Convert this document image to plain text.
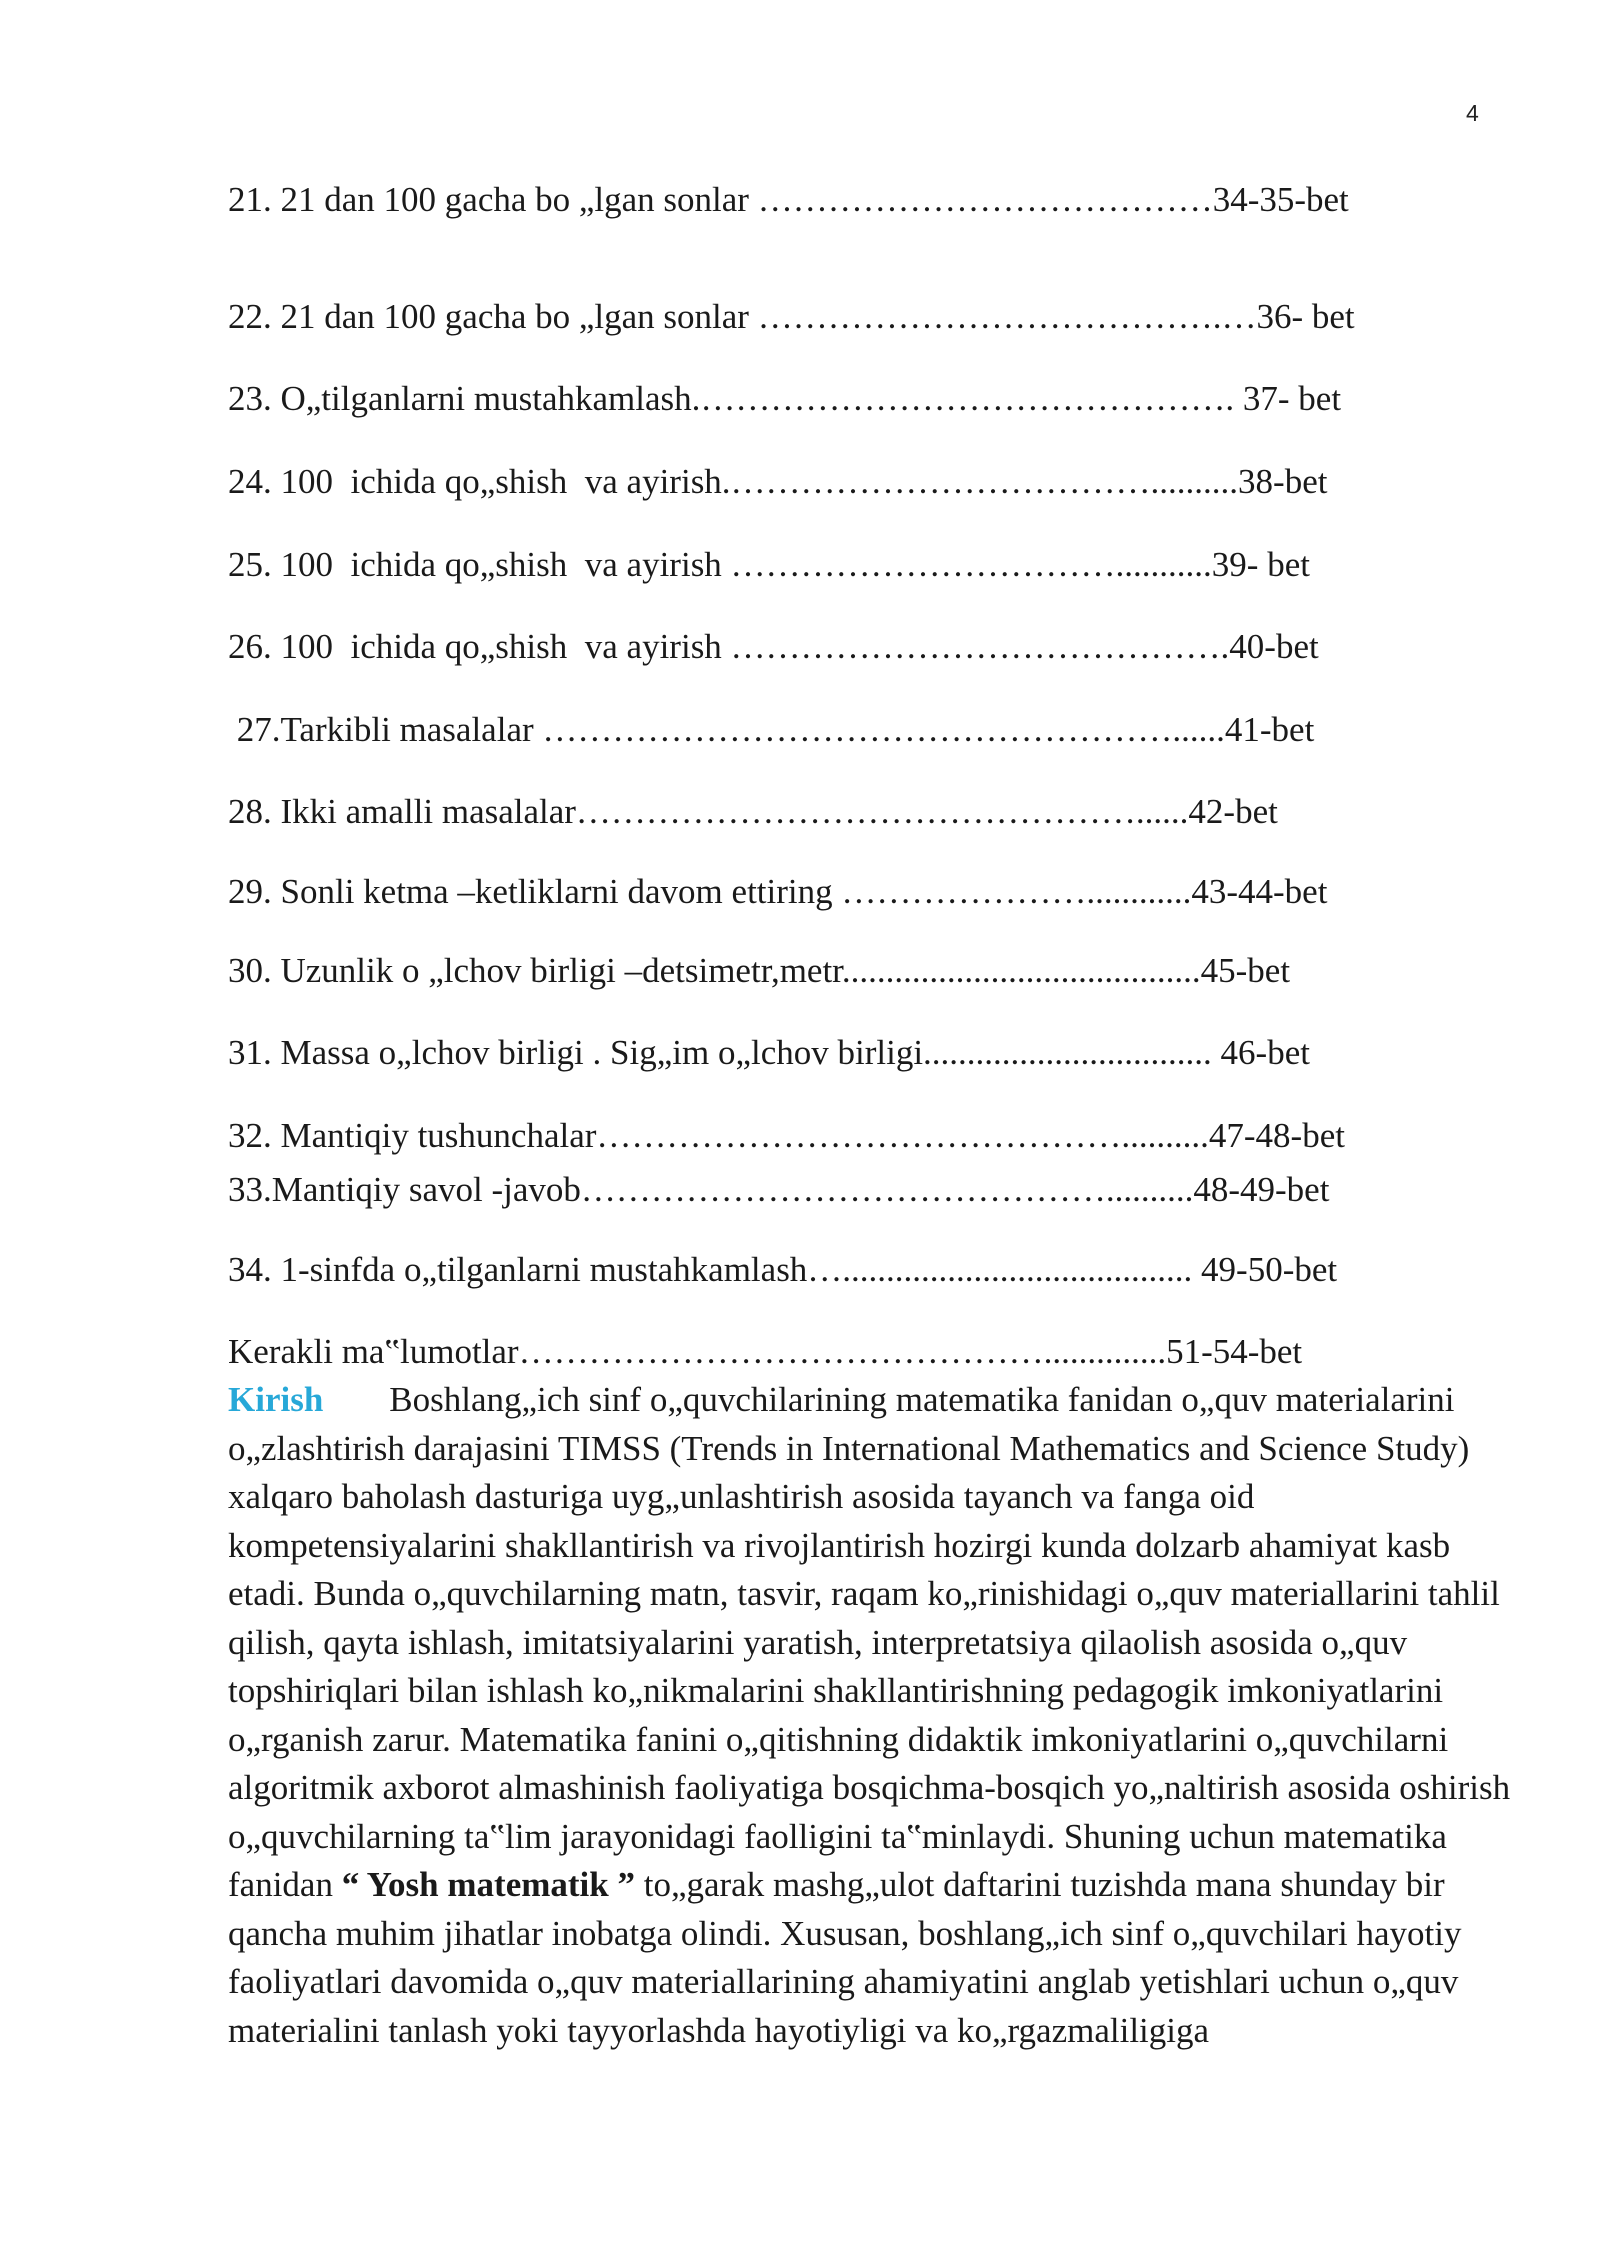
4
21. 21 dan 100 gacha bo „lgan sonlar …………………………………34-35-bet
22. 21 dan 100 gacha bo „lgan sonlar ………………………………….…36- bet
23. O„tilganlarni mustahkamlash.………………………………………. 37- bet
24. 100  ichida qo„shish  va ayirish.………………………………..........38-bet
25. 100  ichida qo„shish  va ayirish ……………………………...........39- bet
26. 100  ichida qo„shish  va ayirish …………………………………….40-bet
27.Tarkibli masalalar ………………………………………………......41-bet
28. Ikki amalli masalalar…………………………………………......42-bet
29. Sonli ketma –ketliklarni davom ettiring …………………............43-44-bet
30. Uzunlik o „lchov birligi –detsimetr,metr.........................................45-bet
31. Massa o„lchov birligi . Sig„im o„lchov birligi................................. 46-bet
32. Mantiqiy tushunchalar………………………………………..........47-48-bet
33.Mantiqiy savol -javob………………………………………..........48-49-bet
34. 1-sinfda o„tilganlarni mustahkamlash…........................................ 49-50-bet
Kerakli ma‟lumotlar………………………………………..............51-54-bet

Kirish Boshlang„ich sinf o„quvchilarining matematika fanidan o„quv materialarini o„zlashtirish darajasini TIMSS (Trends in International Mathematics and Science Study) xalqaro baholash dasturiga uyg„unlashtirish asosida tayanch va fanga oid kompetensiyalarini shakllantirish va rivojlantirish hozirgi kunda dolzarb ahamiyat kasb etadi. Bunda o„quvchilarning matn, tasvir, raqam ko„rinishidagi o„quv materiallarini tahlil qilish, qayta ishlash, imitatsiyalarini yaratish, interpretatsiya qilaolish asosida o„quv topshiriqlari bilan ishlash ko„nikmalarini shakllantirishning pedagogik imkoniyatlarini o„rganish zarur. Matematika fanini o„qitishning didaktik imkoniyatlarini o„quvchilarni algoritmik axborot almashinish faoliyatiga bosqichma-bosqich yo„naltirish asosida oshirish o„quvchilarning ta‟lim jarayonidagi faolligini ta‟minlaydi. Shuning uchun matematika fanidan “ Yosh matematik ” to„garak mashg„ulot daftarini tuzishda mana shunday bir qancha muhim jihatlar inobatga olindi. Xususan, boshlang„ich sinf o„quvchilari hayotiy faoliyatlari davomida o„quv materiallarining ahamiyatini anglab yetishlari uchun o„quv materialini tanlash yoki tayyorlashda hayotiyligi va ko„rgazmaliligiga
